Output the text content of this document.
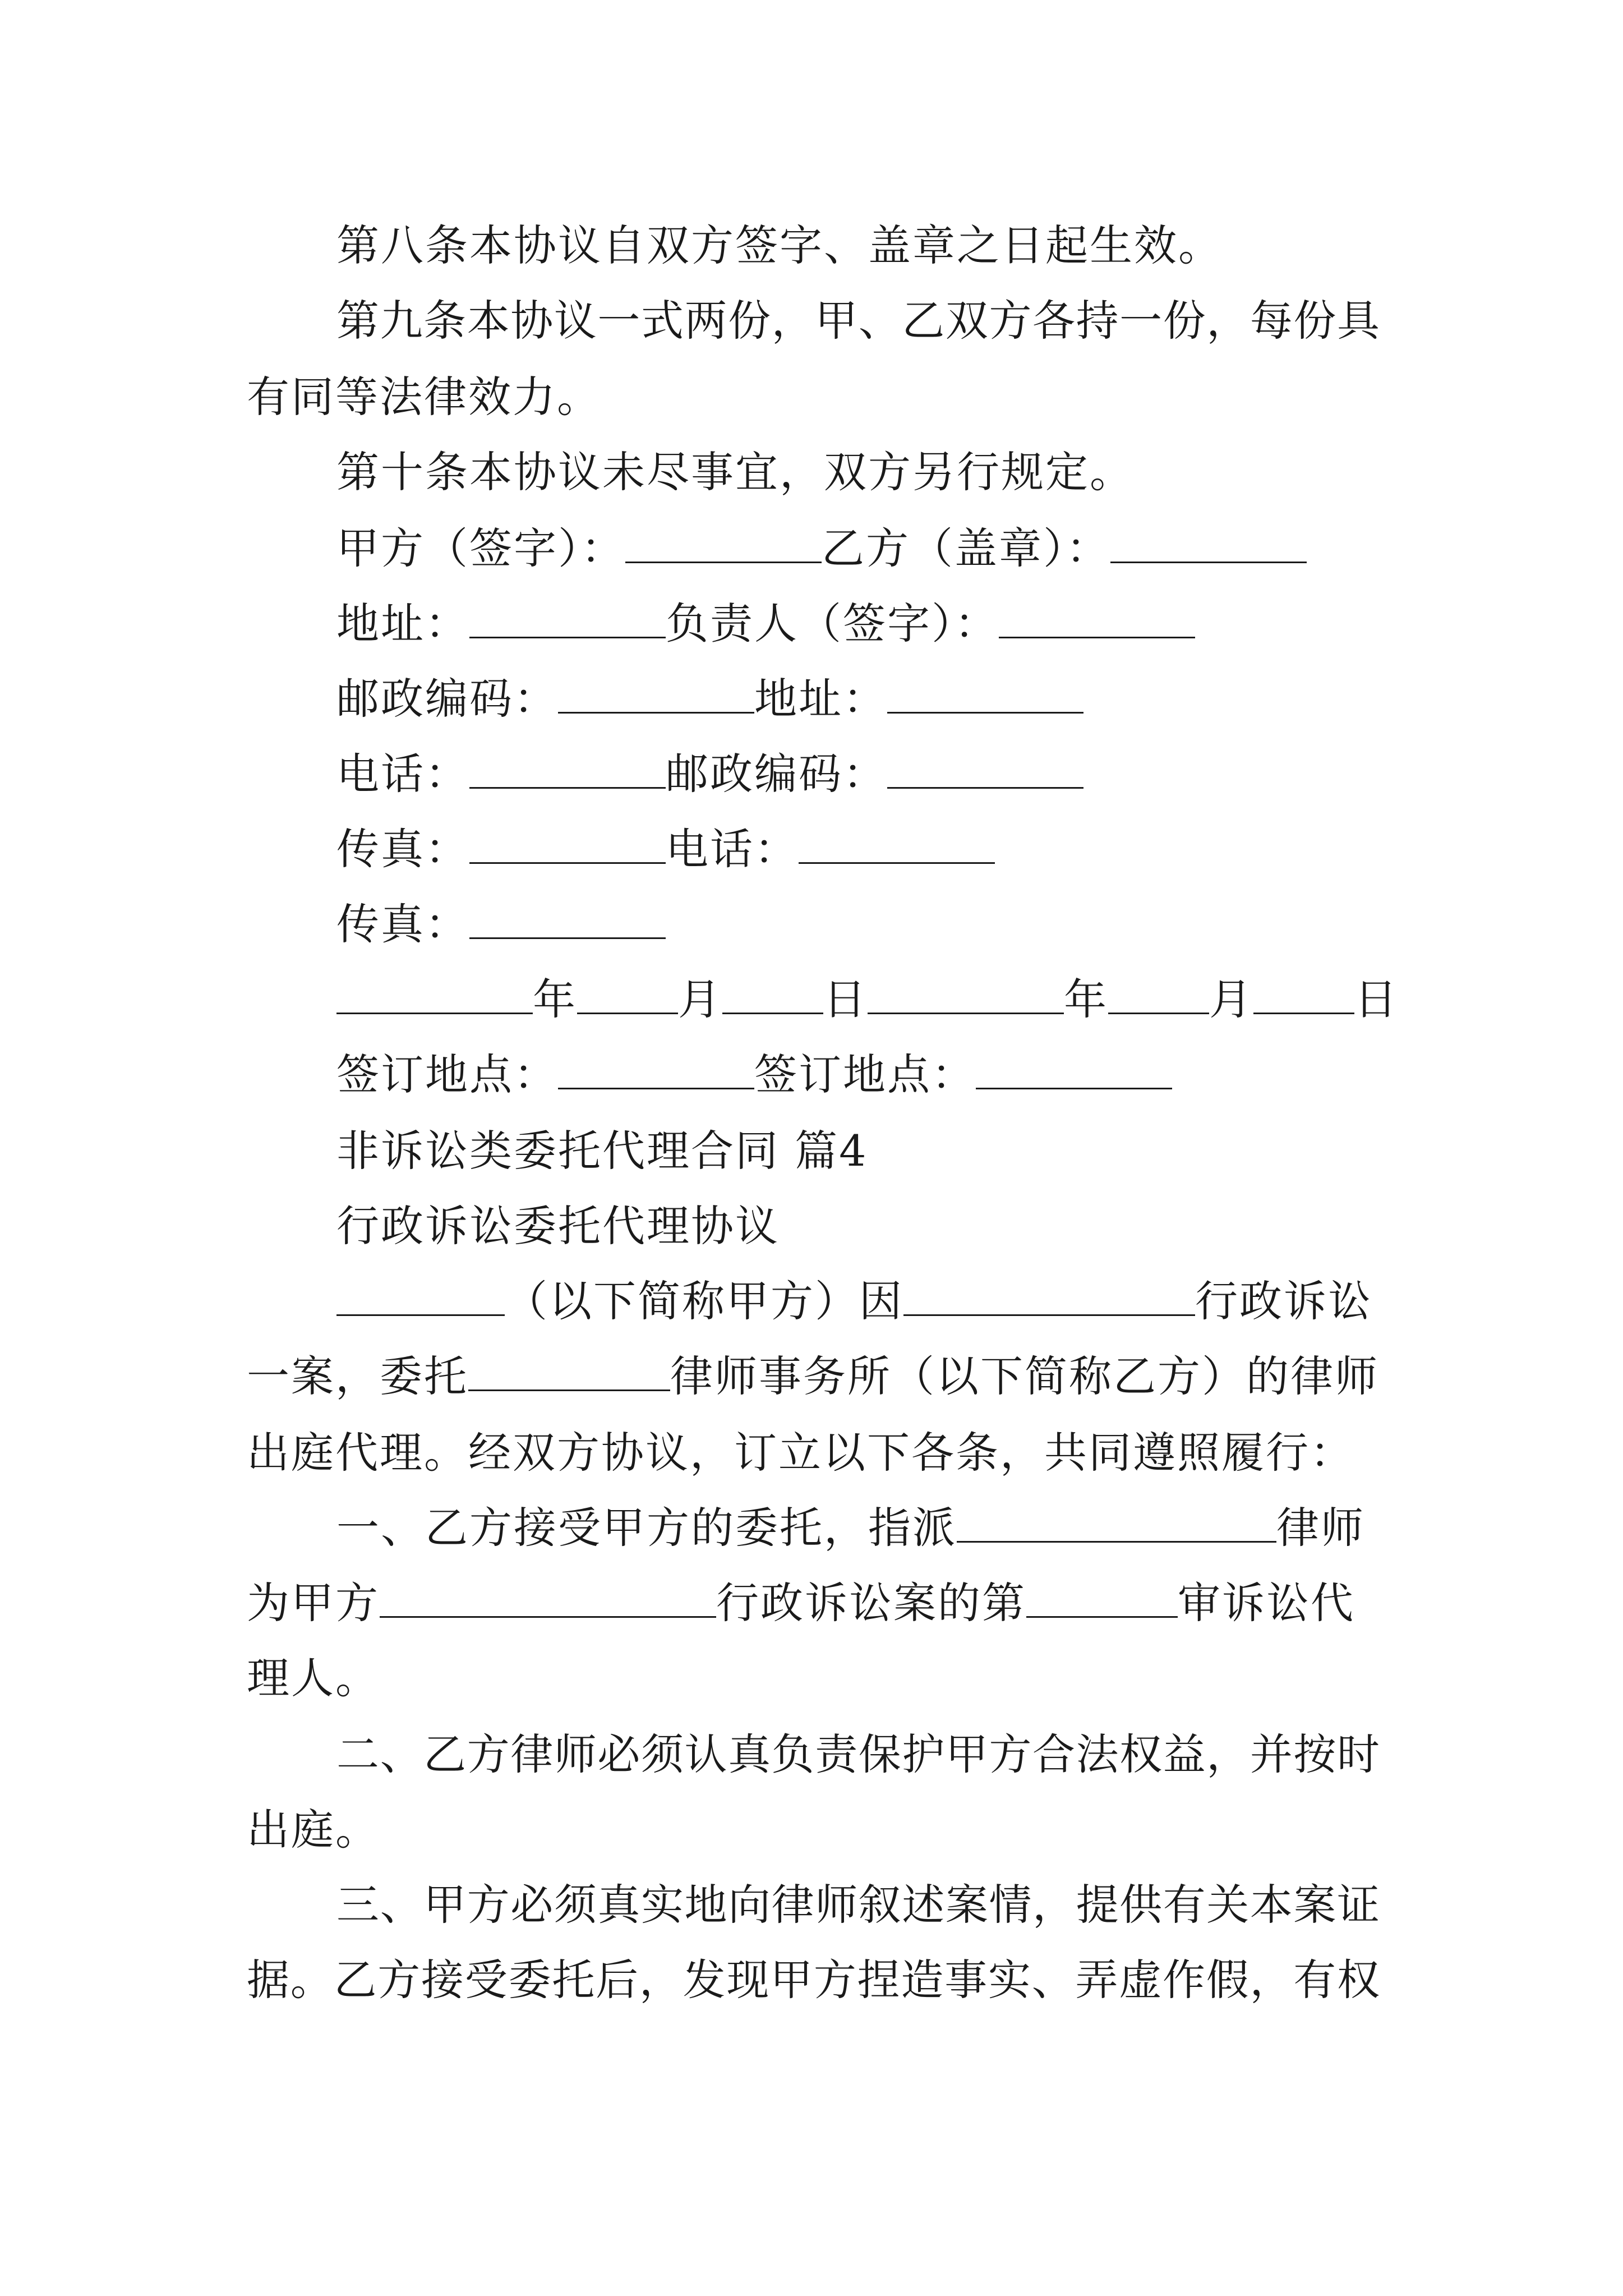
第八条本协议自双方签字、盖章之日起生效。
第九条本协议一式两份，甲、乙双方各持一份，每份具
有同等法律效力。
第十条本协议未尽事宜，双方另行规定。
甲方（签字）：	乙方（盖章）：
地址：	负责人（签字）：
邮政编码：	地址：
电话：	邮政编码：
传真：	电话：
传真：
年 月 日	年 月 日
签订地点：	签订地点：
非诉讼类委托代理合同 篇4
行政诉讼委托代理协议
（以下简称甲方）因	行政诉讼
一案，委托	律师事务所（以下简称乙方）的律师
出庭代理。经双方协议，订立以下各条，共同遵照履行：
一、乙方接受甲方的委托，指派	律师
为甲方	行政诉讼案的第	审诉讼代
理人。
二、乙方律师必须认真负责保护甲方合法权益，并按时
出庭。
三、甲方必须真实地向律师叙述案情，提供有关本案证
据。乙方接受委托后，发现甲方捏造事实、弄虚作假，有权
